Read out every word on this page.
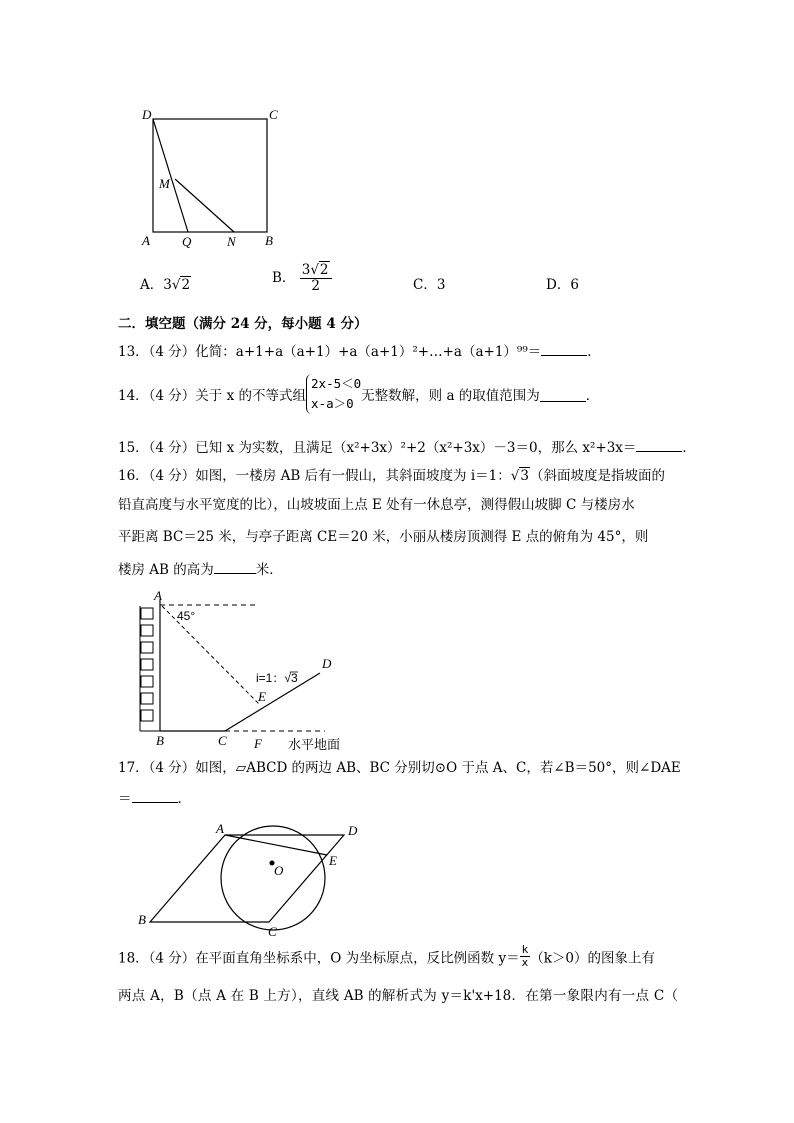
D	C
M
A Q	N B
A．3√2	B． $\frac{3√2}{2}$	C．3	D．6
二．填空题（满分 24 分，每小题 4 分）
13．（4 分）化简：a+1+a（a+1）+a（a+1）²+…+a（a+1）⁹⁹＝	．
14．（4 分）关于 x 的不等式组
2x-5＜0
x-a＞0 无整数解，则 a 的取值范围为	．
15．（4 分）已知 x 为实数，且满足（x²+3x）²+2（x²+3x）－3＝0，那么 x²+3x＝	．
16．（4 分）如图，一楼房 AB 后有一假山，其斜面坡度为 i＝1：√3（斜面坡度是指坡面的
铅直高度与水平宽度的比），山坡坡面上点 E 处有一休息亭，测得假山坡脚 C 与楼房水
平距离 BC＝25 米，与亭子距离 CE＝20 米，小丽从楼房顶测得 E 点的俯角为 45°，则
楼房 AB 的高为	米．
A
45°
D
i=1：√3
E
B	C F 水平地面
17．（4 分）如图，▱ABCD 的两边 AB、BC 分别切⊙O 于点 A、C，若∠B＝50°，则∠DAE
＝	．
A	D
O
E
B
C
18．（4 分）在平面直角坐标系中，O 为坐标原点，反比例函数 $y= \frac{k}{x} (k>0)$的图象上有
两点 A，B（点 A 在 B 上方），直线 AB 的解析式为 y＝k'x+18．在第一象限内有一点 C（
